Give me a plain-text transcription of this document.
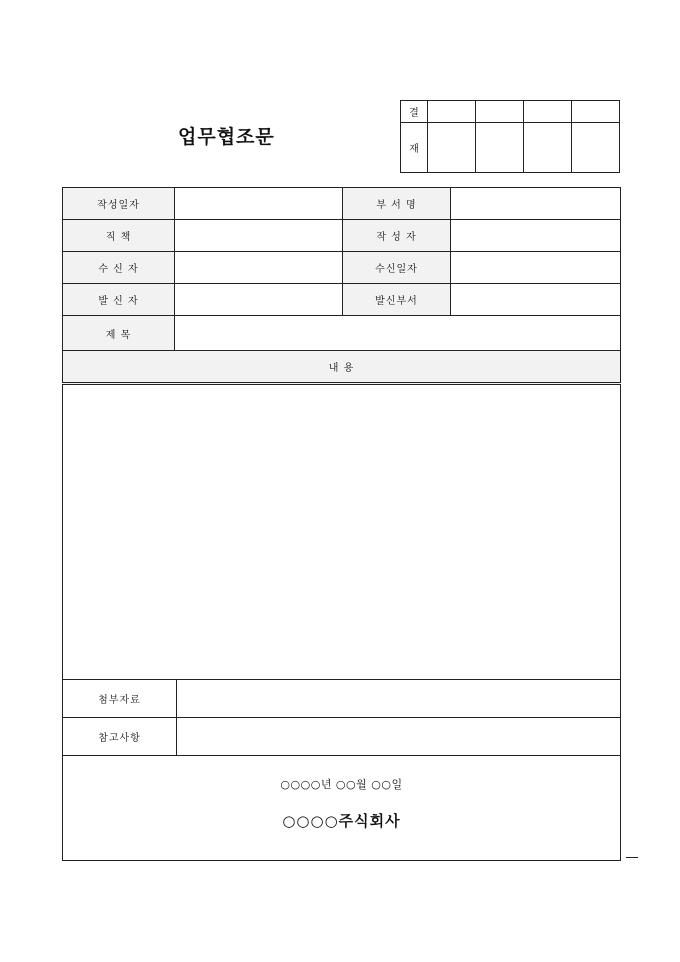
업무협조문
결				
재				
작성일자			부 서 명	
직 책			작 성 자	
수 신 자			수신일자	
발 신 자			발신부서	
제 목				
내 용				

첨부자료				
참고사항				

○○○○년 ○○월 ○○일
○○○○주식회사				
